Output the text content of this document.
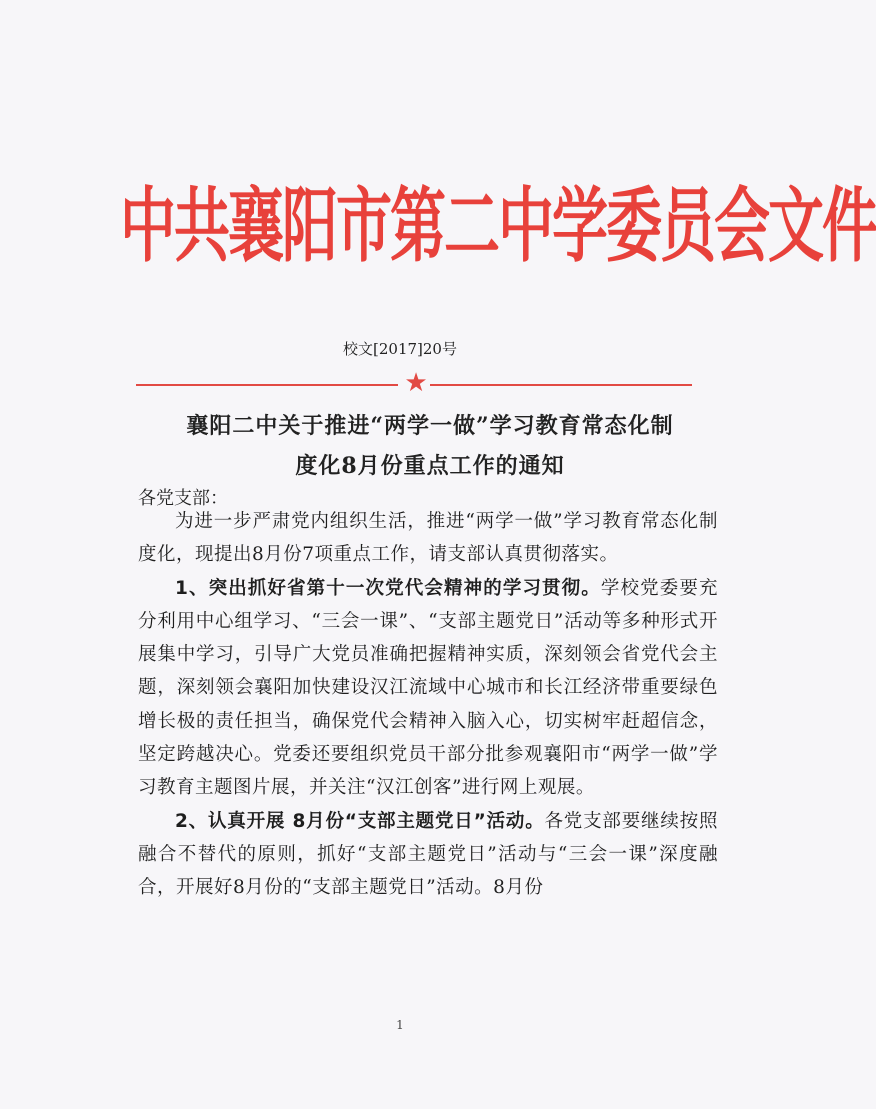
中共襄阳市第二中学委员会文件
校文[2017]20号
★
襄阳二中关于推进“两学一做”学习教育常态化制
度化8月份重点工作的通知
各党支部：

为进一步严肃党内组织生活，推进“两学一做”学习教育常态化制度化，现提出8月份7项重点工作，请支部认真贯彻落实。

1、突出抓好省第十一次党代会精神的学习贯彻。学校党委要充分利用中心组学习、“三会一课”、“支部主题党日”活动等多种形式开展集中学习，引导广大党员准确把握精神实质，深刻领会省党代会主题，深刻领会襄阳加快建设汉江流域中心城市和长江经济带重要绿色增长极的责任担当，确保党代会精神入脑入心，切实树牢赶超信念，坚定跨越决心。党委还要组织党员干部分批参观襄阳市“两学一做”学习教育主题图片展，并关注“汉江创客”进行网上观展。

2、认真开展 8月份“支部主题党日”活动。各党支部要继续按照融合不替代的原则，抓好“支部主题党日”活动与“三会一课”深度融合，开展好8月份的“支部主题党日”活动。8月份

1
